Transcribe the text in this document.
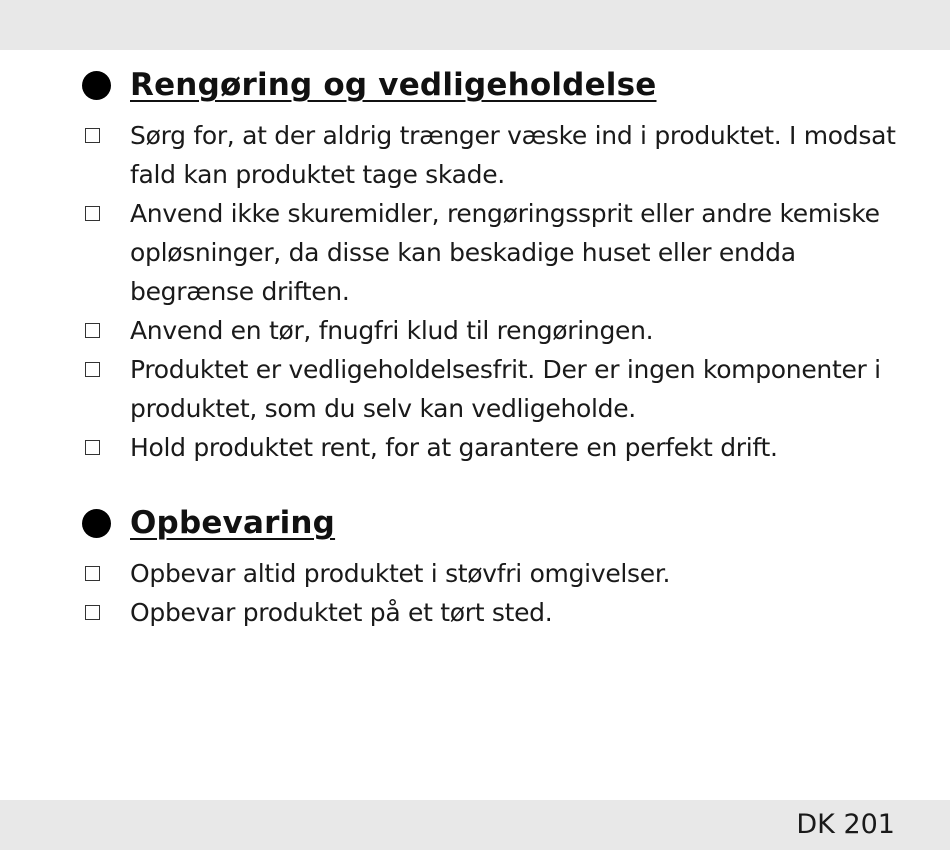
Rengøring og vedligeholdelse
Sørg for, at der aldrig trænger væske ind i produktet. I modsat fald kan produktet tage skade.
Anvend ikke skuremidler, rengøringssprit eller andre kemiske opløsninger, da disse kan beskadige huset eller endda begrænse driften.
Anvend en tør, fnugfri klud til rengøringen.
Produktet er vedligeholdelsesfrit. Der er ingen komponenter i produktet, som du selv kan vedligeholde.
Hold produktet rent, for at garantere en perfekt drift.
Opbevaring
Opbevar altid produktet i støvfri omgivelser.
Opbevar produktet på et tørt sted.
DK 201
